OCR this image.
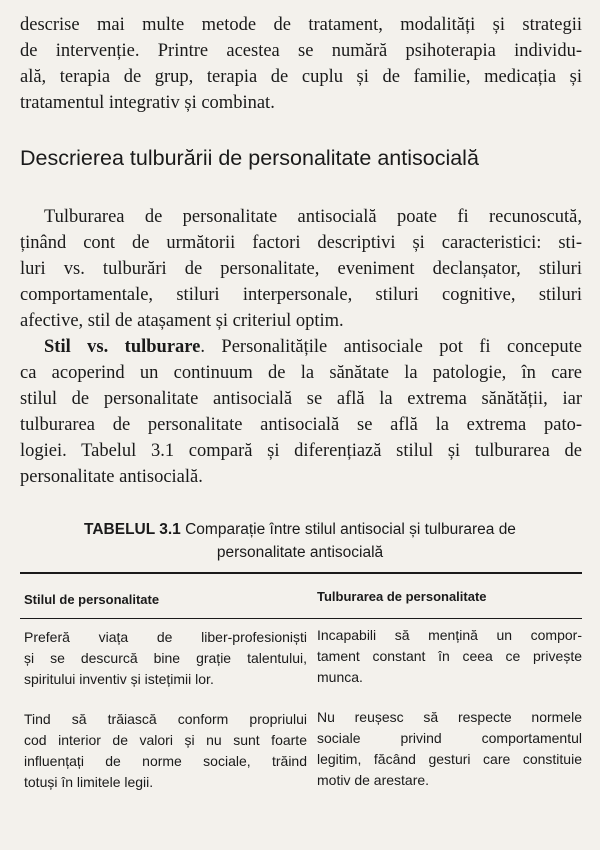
descrise mai multe metode de tratament, modalități și strategii
de intervenție. Printre acestea se numără psihoterapia individu-
ală, terapia de grup, terapia de cuplu și de familie, medicația și
tratamentul integrativ și combinat.
Descrierea tulburării de personalitate antisocială
Tulburarea de personalitate antisocială poate fi recunoscută,
ținând cont de următorii factori descriptivi și caracteristici: sti-
luri vs. tulburări de personalitate, eveniment declanșator, stiluri
comportamentale, stiluri interpersonale, stiluri cognitive, stiluri
afective, stil de atașament și criteriul optim.
Stil vs. tulburare. Personalitățile antisociale pot fi concepute
ca acoperind un continuum de la sănătate la patologie, în care
stilul de personalitate antisocială se află la extrema sănătății, iar
tulburarea de personalitate antisocială se află la extrema pato-
logiei. Tabelul 3.1 compară și diferențiază stilul și tulburarea de
personalitate antisocială.
TABELUL 3.1 Comparație între stilul antisocial și tulburarea de
personalitate antisocială
Stilul de personalitate	Tulburarea de personalitate
Preferă viața de liber-profesioniști
și se descurcă bine grație talentului,
spiritului inventiv și istețimii lor.
Incapabili să mențină un compor-
tament constant în ceea ce privește
munca.
Tind să trăiască conform propriului
cod interior de valori și nu sunt foarte
influențați de norme sociale, trăind
totuși în limitele legii.
Nu reușesc să respecte normele
sociale privind comportamentul
legitim, făcând gesturi care constituie
motiv de arestare.
